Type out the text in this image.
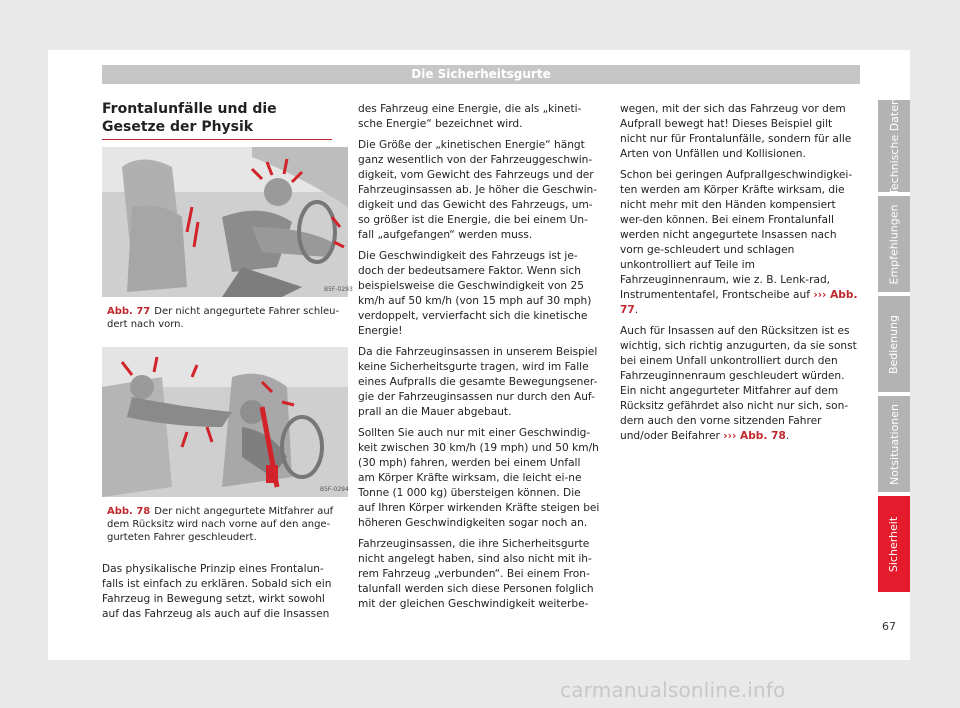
Die Sicherheitsgurte
Frontalunfälle und die Gesetze der Physik
B5F-0293
Abb. 77 Der nicht angegurtete Fahrer schleu-dert nach vorn.
B5F-0294
Abb. 78 Der nicht angegurtete Mitfahrer auf dem Rücksitz wird nach vorne auf den ange-gurteten Fahrer geschleudert.

Das physikalische Prinzip eines Frontalun-falls ist einfach zu erklären. Sobald sich ein Fahrzeug in Bewegung setzt, wirkt sowohl auf das Fahrzeug als auch auf die Insassen

des Fahrzeug eine Energie, die als „kineti-sche Energie“ bezeichnet wird.

Die Größe der „kinetischen Energie“ hängt ganz wesentlich von der Fahrzeuggeschwin-digkeit, vom Gewicht des Fahrzeugs und der Fahrzeuginsassen ab. Je höher die Geschwin-digkeit und das Gewicht des Fahrzeugs, um-so größer ist die Energie, die bei einem Un-fall „aufgefangen“ werden muss.

Die Geschwindigkeit des Fahrzeugs ist je-doch der bedeutsamere Faktor. Wenn sich beispielsweise die Geschwindigkeit von 25 km/h auf 50 km/h (von 15 mph auf 30 mph) verdoppelt, vervierfacht sich die kinetische Energie!

Da die Fahrzeuginsassen in unserem Beispiel keine Sicherheitsgurte tragen, wird im Falle eines Aufpralls die gesamte Bewegungsener-gie der Fahrzeuginsassen nur durch den Auf-prall an die Mauer abgebaut.

Sollten Sie auch nur mit einer Geschwindig-keit zwischen 30 km/h (19 mph) und 50 km/h (30 mph) fahren, werden bei einem Unfall am Körper Kräfte wirksam, die leicht ei-ne Tonne (1 000 kg) übersteigen können. Die auf Ihren Körper wirkenden Kräfte steigen bei höheren Geschwindigkeiten sogar noch an.

Fahrzeuginsassen, die ihre Sicherheitsgurte nicht angelegt haben, sind also nicht mit ih-rem Fahrzeug „verbunden“. Bei einem Fron-talunfall werden sich diese Personen folglich mit der gleichen Geschwindigkeit weiterbe-

wegen, mit der sich das Fahrzeug vor dem Aufprall bewegt hat! Dieses Beispiel gilt nicht nur für Frontalunfälle, sondern für alle Arten von Unfällen und Kollisionen.

Schon bei geringen Aufprallgeschwindigkei-ten werden am Körper Kräfte wirksam, die nicht mehr mit den Händen kompensiert wer-den können. Bei einem Frontalunfall werden nicht angegurtete Insassen nach vorn ge-schleudert und schlagen unkontrolliert auf Teile im Fahrzeuginnenraum, wie z. B. Lenk-rad, Instrumententafel, Frontscheibe auf ››› Abb. 77.

Auch für Insassen auf den Rücksitzen ist es wichtig, sich richtig anzugurten, da sie sonst bei einem Unfall unkontrolliert durch den Fahrzeuginnenraum geschleudert würden. Ein nicht angegurteter Mitfahrer auf dem Rücksitz gefährdet also nicht nur sich, son-dern auch den vorne sitzenden Fahrer und/oder Beifahrer ››› Abb. 78.

Technische Daten
Empfehlungen
Bedienung
Notsituationen
Sicherheit
67
carmanualsonline.info
